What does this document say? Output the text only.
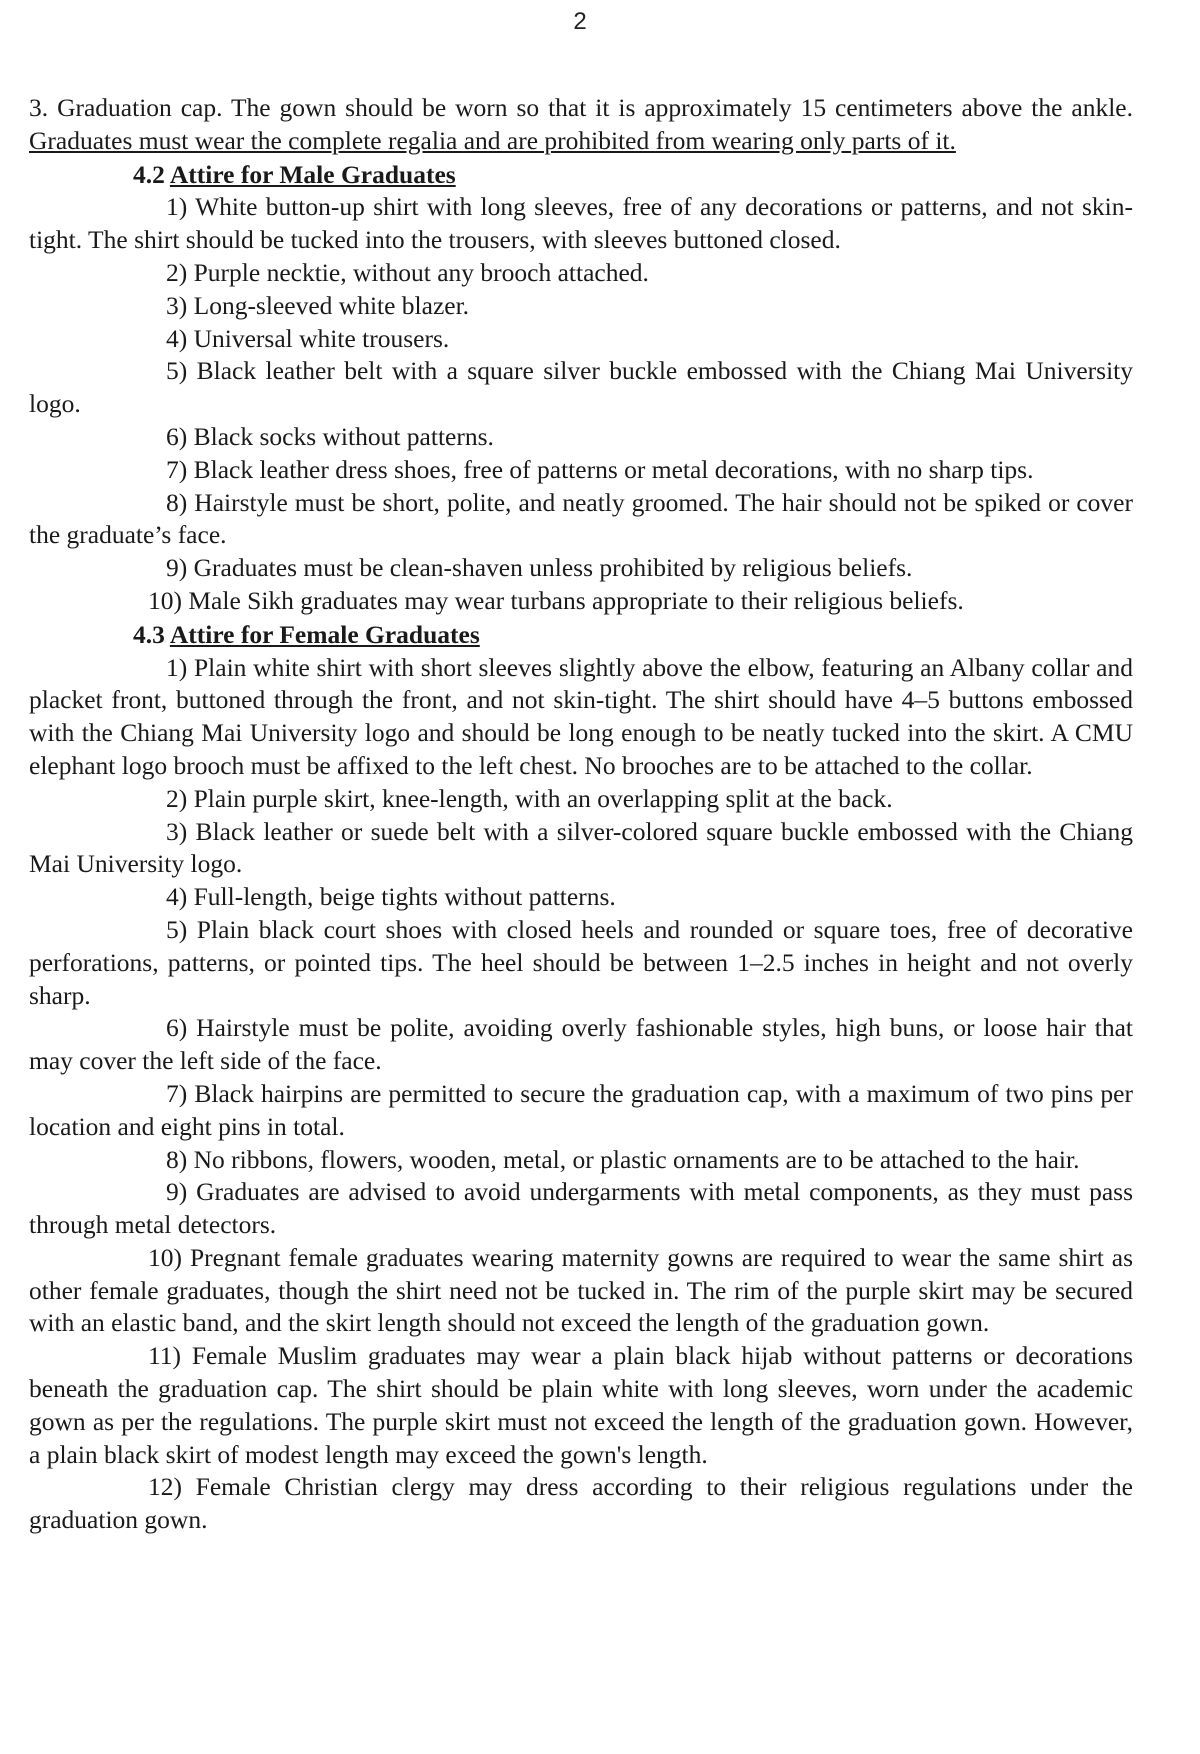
2

3. Graduation cap. The gown should be worn so that it is approximately 15 centimeters above the ankle. Graduates must wear the complete regalia and are prohibited from wearing only parts of it.

4.2 Attire for Male Graduates

1) White button-up shirt with long sleeves, free of any decorations or patterns, and not skin-tight. The shirt should be tucked into the trousers, with sleeves buttoned closed.

2) Purple necktie, without any brooch attached.

3) Long-sleeved white blazer.

4) Universal white trousers.

5) Black leather belt with a square silver buckle embossed with the Chiang Mai University logo.

6) Black socks without patterns.

7) Black leather dress shoes, free of patterns or metal decorations, with no sharp tips.

8) Hairstyle must be short, polite, and neatly groomed. The hair should not be spiked or cover the graduate’s face.

9) Graduates must be clean-shaven unless prohibited by religious beliefs.

10) Male Sikh graduates may wear turbans appropriate to their religious beliefs.

4.3 Attire for Female Graduates

1) Plain white shirt with short sleeves slightly above the elbow, featuring an Albany collar and placket front, buttoned through the front, and not skin-tight. The shirt should have 4–5 buttons embossed with the Chiang Mai University logo and should be long enough to be neatly tucked into the skirt. A CMU elephant logo brooch must be affixed to the left chest. No brooches are to be attached to the collar.

2) Plain purple skirt, knee-length, with an overlapping split at the back.

3) Black leather or suede belt with a silver-colored square buckle embossed with the Chiang Mai University logo.

4) Full-length, beige tights without patterns.

5) Plain black court shoes with closed heels and rounded or square toes, free of decorative perforations, patterns, or pointed tips. The heel should be between 1–2.5 inches in height and not overly sharp.

6) Hairstyle must be polite, avoiding overly fashionable styles, high buns, or loose hair that may cover the left side of the face.

7) Black hairpins are permitted to secure the graduation cap, with a maximum of two pins per location and eight pins in total.

8) No ribbons, flowers, wooden, metal, or plastic ornaments are to be attached to the hair.

9) Graduates are advised to avoid undergarments with metal components, as they must pass through metal detectors.

10) Pregnant female graduates wearing maternity gowns are required to wear the same shirt as other female graduates, though the shirt need not be tucked in. The rim of the purple skirt may be secured with an elastic band, and the skirt length should not exceed the length of the graduation gown.

11) Female Muslim graduates may wear a plain black hijab without patterns or decorations beneath the graduation cap. The shirt should be plain white with long sleeves, worn under the academic gown as per the regulations. The purple skirt must not exceed the length of the graduation gown. However, a plain black skirt of modest length may exceed the gown's length.

12) Female Christian clergy may dress according to their religious regulations under the graduation gown.
